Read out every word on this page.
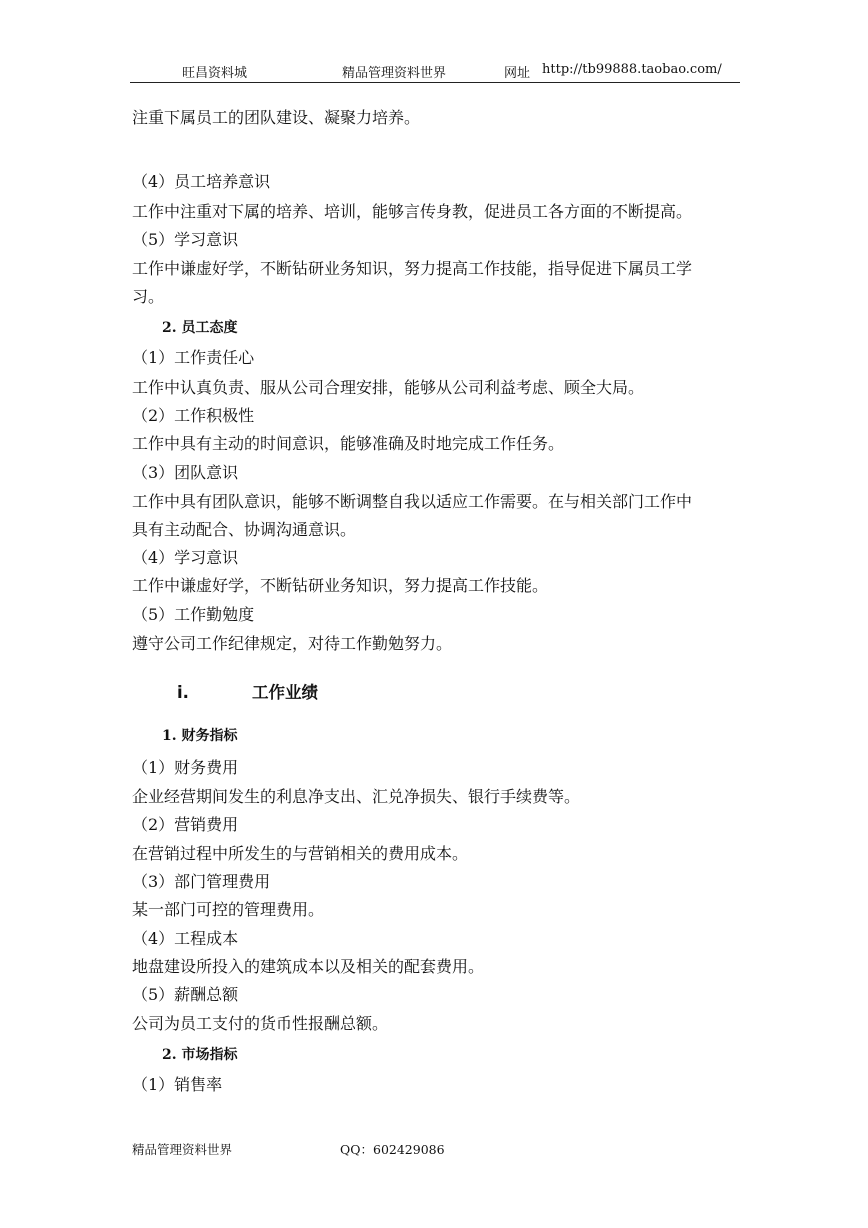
旺昌资料城	精品管理资料世界	网址 http://tb99888.taobao.com/
注重下属员工的团队建设、凝聚力培养。
（4）员工培养意识
工作中注重对下属的培养、培训，能够言传身教，促进员工各方面的不断提高。
（5）学习意识
工作中谦虚好学，不断钻研业务知识，努力提高工作技能，指导促进下属员工学
习。
2. 员工态度
（1）工作责任心
工作中认真负责、服从公司合理安排，能够从公司利益考虑、顾全大局。
（2）工作积极性
工作中具有主动的时间意识，能够准确及时地完成工作任务。
（3）团队意识
工作中具有团队意识，能够不断调整自我以适应工作需要。在与相关部门工作中
具有主动配合、协调沟通意识。
（4）学习意识
工作中谦虚好学，不断钻研业务知识，努力提高工作技能。
（5）工作勤勉度
遵守公司工作纪律规定，对待工作勤勉努力。
i.	工作业绩
1. 财务指标
（1）财务费用
企业经营期间发生的利息净支出、汇兑净损失、银行手续费等。
（2）营销费用
在营销过程中所发生的与营销相关的费用成本。
（3）部门管理费用
某一部门可控的管理费用。
（4）工程成本
地盘建设所投入的建筑成本以及相关的配套费用。
（5）薪酬总额
公司为员工支付的货币性报酬总额。
2. 市场指标
（1）销售率
精品管理资料世界	QQ：602429086
